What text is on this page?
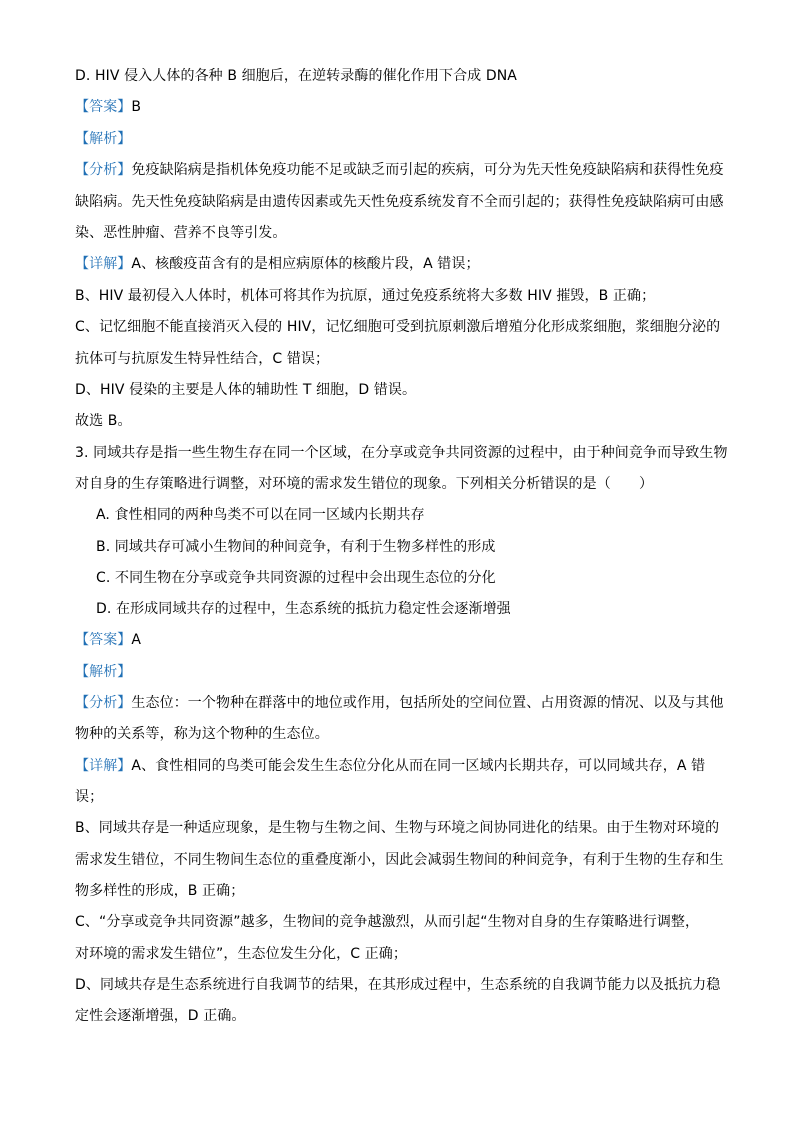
D. HIV 侵入人体的各种 B 细胞后，在逆转录酶的催化作用下合成 DNA
【答案】B
【解析】
【分析】免疫缺陷病是指机体免疫功能不足或缺乏而引起的疾病，可分为先天性免疫缺陷病和获得性免疫
缺陷病。先天性免疫缺陷病是由遗传因素或先天性免疫系统发育不全而引起的；获得性免疫缺陷病可由感
染、恶性肿瘤、营养不良等引发。
【详解】A、核酸疫苗含有的是相应病原体的核酸片段，A 错误；
B、HIV 最初侵入人体时，机体可将其作为抗原，通过免疫系统将大多数 HIV 摧毁，B 正确；
C、记忆细胞不能直接消灭入侵的 HIV，记忆细胞可受到抗原刺激后增殖分化形成浆细胞，浆细胞分泌的
抗体可与抗原发生特异性结合，C 错误；
D、HIV 侵染的主要是人体的辅助性 T 细胞，D 错误。
故选 B。
3. 同域共存是指一些生物生存在同一个区域，在分享或竞争共同资源的过程中，由于种间竞争而导致生物
对自身的生存策略进行调整，对环境的需求发生错位的现象。下列相关分析错误的是（　　）
A. 食性相同的两种鸟类不可以在同一区域内长期共存
B. 同域共存可减小生物间的种间竞争，有利于生物多样性的形成
C. 不同生物在分享或竞争共同资源的过程中会出现生态位的分化
D. 在形成同域共存的过程中，生态系统的抵抗力稳定性会逐渐增强
【答案】A
【解析】
【分析】生态位：一个物种在群落中的地位或作用，包括所处的空间位置、占用资源的情况、以及与其他
物种的关系等，称为这个物种的生态位。
【详解】A、食性相同的鸟类可能会发生生态位分化从而在同一区域内长期共存，可以同域共存，A 错
误；
B、同域共存是一种适应现象，是生物与生物之间、生物与环境之间协同进化的结果。由于生物对环境的
需求发生错位，不同生物间生态位的重叠度渐小，因此会减弱生物间的种间竞争，有利于生物的生存和生
物多样性的形成，B 正确；
C、“分享或竞争共同资源”越多，生物间的竞争越激烈，从而引起“生物对自身的生存策略进行调整，
对环境的需求发生错位”，生态位发生分化，C 正确；
D、同域共存是生态系统进行自我调节的结果，在其形成过程中，生态系统的自我调节能力以及抵抗力稳
定性会逐渐增强，D 正确。
